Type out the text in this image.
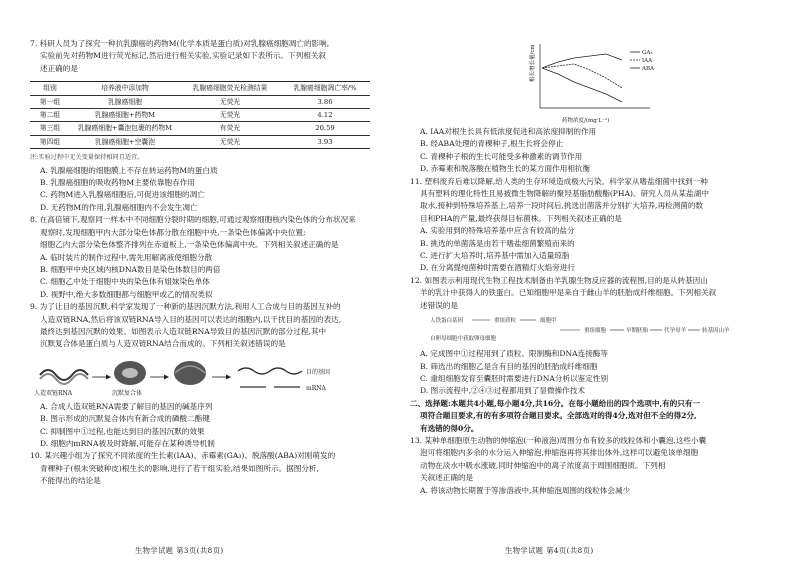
7. 科研人员为了探究一种抗乳腺癌的药物M(化学本质是蛋白质)对乳腺癌细胞凋亡的影响,

实验前先对药物M进行荧光标记,然后进行相关实验,实验记录如下表所示。下列相关叙

述正确的是

组别	培养液中添加物	乳腺癌细胞荧光检测结果	乳腺癌细胞凋亡率/%
第一组	乳腺癌细胞	无荧光	3.86
第二组	乳腺癌细胞+药物M	无荧光	4.12
第三组	乳腺癌细胞+囊泡包裹的药物M	有荧光	20.59
第四组	乳腺癌细胞+空囊泡	无荧光	3.93

注:实验过程中无关变量保持相同且适宜。

A. 乳腺癌细胞的细胞膜上不存在转运药物M的蛋白质

B. 乳腺癌细胞的吸收药物M主要依靠胞吞作用

C. 药物M进入乳腺癌细胞后,可促进该细胞的凋亡

D. 无药物M的作用,乳腺癌细胞内不会发生凋亡

8. 在高倍镜下,观察同一样本中不同细胞分裂时期的细胞,可通过观察细胞核内染色体的分布状况来

观察时,发现细胞甲内大部分染色体都分散在细胞中央,一条染色体偏离中央位置;

细胞乙内大部分染色体整齐排列在赤道板上,一条染色体偏离中央。下列相关叙述正确的是

A. 临时装片的制作过程中,需先用解离液使细胞分散

B. 细胞甲中央区域内核DNA数目是染色体数目的两倍

C. 细胞乙中处于细胞中央的染色体有姐妹染色单体

D. 视野中,绝大多数细胞都与细胞甲或乙的情况类似

9. 为了让目的基因沉默,科学家发现了一种新的基因沉默方法,利用人工合成与目的基因互补的

人造双链RNA,然后将该双链RNA导入目的基因可以表达的细胞内,以干扰目的基因的表达,

最终达到基因沉默的效果。如图表示人造双链RNA导致目的基因沉默的部分过程,其中

沉默复合体是蛋白质与人造双链RNA结合而成的。下列相关叙述错误的是

人造双链RNA	沉默复合体
目的基因
mRNA

A. 合成人造双链RNA需要了解目的基因的碱基序列

B. 图示形成的沉默复合体内有新合成的磷酸二酯键

C. 抑制图中①过程,也能达到目的基因沉默的效果

D. 细胞内mRNA被及时降解,可能存在某种诱导机制

10. 某兴趣小组为了探究不同浓度的生长素(IAA)、赤霉素(GA₃)、脱落酸(ABA)对刚萌发的

青稞种子(根未突破种皮)根生长的影响,进行了若干组实验,结果如图所示。据图分析,

不能得出的结论是

生物学试题 第3页(共8页)
根长增长量/cm
药物浓度/(mg·L⁻¹)
GA₃
IAA
ABA

A. IAA对根生长具有低浓度促进和高浓度抑制的作用

B. 经ABA处理的青稞种子,根生长将会停止

C. 青稞种子根的生长可能受多种激素的调节作用

D. 赤霉素和脱落酸在植物生长的某方面作用相抗衡

11. 塑料废弃后难以降解,给人类的生存环境造成极大污染。科学家从嗜盐细菌中找到一种

具有塑料的理化特性且易被微生物降解的聚羟基脂肪酸酯(PHA)。研究人员从某盐湖中

取水,接种到特殊培养基上,培养一段时间后,挑选出菌落并分别扩大培养,再检测菌的数

目和PHA的产量,最终获得目标菌株。下列相关叙述正确的是

A. 实验用到的特殊培养基中应含有较高的盐分

B. 挑选的单菌落是由若干嗜盐细菌繁殖而来的

C. 进行扩大培养时,培养基中需加入适量琼脂

D. 在分离提纯菌种时需要在酒精灯火焰旁进行

12. 如图表示利用现代生物工程技术制备由羊乳腺生物反应器的流程图,目的是从转基因山

羊的乳汁中获得人的铁蛋白。已知细胞甲是来自于雌山羊的胚胎成纤维细胞。下列相关叙

述错误的是

人铁蛋白基因	重组质粒	细胞甲
自卵母细胞中获取卵母细胞
重组细胞	早期胚胎	代孕母羊	转基因山羊

A. 完成图中①过程用到了质粒、限制酶和DNA连接酶等

B. 筛选出的细胞乙是含有目的基因的胚胎成纤维细胞

C. 重组细胞发育至囊胚时需要进行DNA分析以鉴定性别

D. 图示流程中,②④③过程都用到了显微操作技术

二、选择题:本题共4小题,每小题4分,共16分。在每小题给出的四个选项中,有的只有一

项符合题目要求,有的有多项符合题目要求。全部选对的得4分,选对但不全的得2分,

有选错的得0分。

13. 某种单细胞原生动物的伸缩泡(一种液泡)周围分布有较多的线粒体和小囊泡,这些小囊

泡可将细胞内多余的水分运入伸缩泡,伸缩泡再将其排出体外,这样可以避免该单细胞

动物在淡水中吸水涨破,同时伸缩泡中的离子浓度高于周围细胞质。下列相

关叙述正确的是

A. 将该动物长期置于等渗溶液中,其伸缩泡周围的线粒体会减少

生物学试题 第4页(共8页)
